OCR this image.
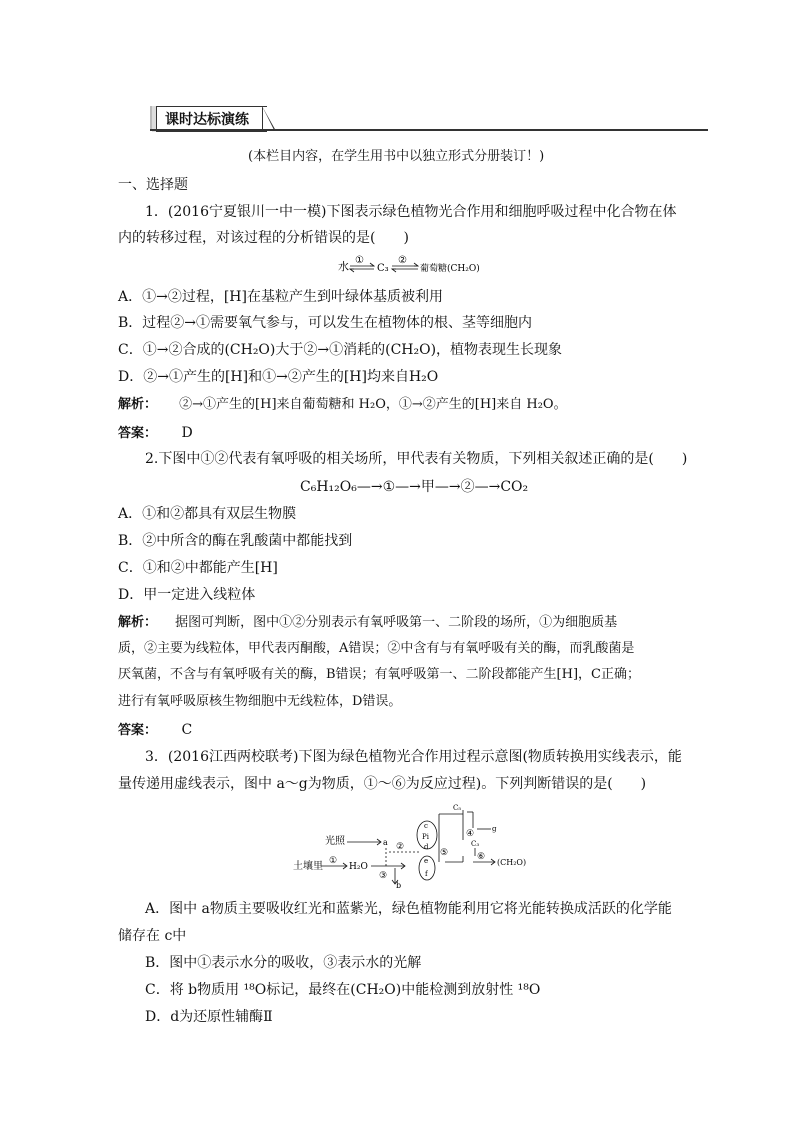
课时达标演练
(本栏目内容，在学生用书中以独立形式分册装订！)
一、选择题
1．(2016宁夏银川一中一模)下图表示绿色植物光合作用和细胞呼吸过程中化合物在体
内的转移过程，对该过程的分析错误的是(　　)
水 ①
C₃
②
葡萄糖(CH₂O)
A．①→②过程，[H]在基粒产生到叶绿体基质被利用
B．过程②→①需要氧气参与，可以发生在植物体的根、茎等细胞内
C．①→②合成的(CH₂O)大于②→①消耗的(CH₂O)，植物表现生长现象
D．②→①产生的[H]和①→②产生的[H]均来自H₂O
解析： ②→①产生的[H]来自葡萄糖和 H₂O，①→②产生的[H]来自 H₂O。
答案： D
2.下图中①②代表有氧呼吸的相关场所，甲代表有关物质，下列相关叙述正确的是(　　)
C₆H₁₂O₆—→①—→甲—→②—→CO₂
A．①和②都具有双层生物膜
B．②中所含的酶在乳酸菌中都能找到
C．①和②中都能产生[H]
D．甲一定进入线粒体
解析： 据图可判断，图中①②分别表示有氧呼吸第一、二阶段的场所，①为细胞质基
质，②主要为线粒体，甲代表丙酮酸，A错误；②中含有与有氧呼吸有关的酶，而乳酸菌是
厌氧菌，不含与有氧呼吸有关的酶，B错误；有氧呼吸第一、二阶段都能产生[H]，C正确；
进行有氧呼吸原核生物细胞中无线粒体，D错误。
答案： C
3．(2016江西两校联考)下图为绿色植物光合作用过程示意图(物质转换用实线表示，能
量传递用虚线表示，图中 a～g为物质，①～⑥为反应过程)。下列判断错误的是(　　)
光照	a
土壤里 ①
H₂O
③
b
②
c
Pi
d
e
f
⑤
C₅
④	g
C₃
⑥
(CH₂O)
A．图中 a物质主要吸收红光和蓝紫光，绿色植物能利用它将光能转换成活跃的化学能
储存在 c中
B．图中①表示水分的吸收，③表示水的光解
C．将 b物质用 ¹⁸O标记，最终在(CH₂O)中能检测到放射性 ¹⁸O
D．d为还原性辅酶Ⅱ
